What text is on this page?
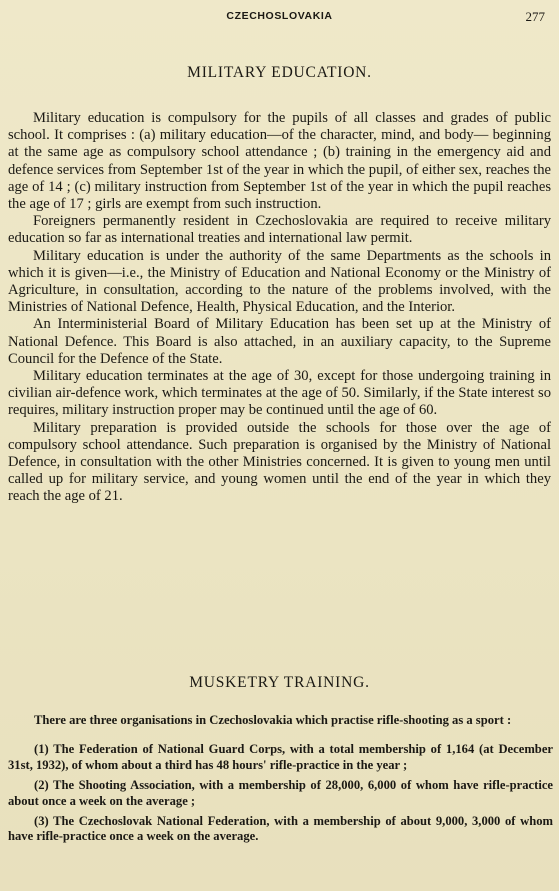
CZECHOSLOVAKIA	277
MILITARY EDUCATION.

Military education is compulsory for the pupils of all classes and grades of public school. It comprises : (a) military education—of the character, mind, and body— beginning at the same age as compulsory school attendance ; (b) training in the emergency aid and defence services from September 1st of the year in which the pupil, of either sex, reaches the age of 14 ; (c) military instruction from September 1st of the year in which the pupil reaches the age of 17 ; girls are exempt from such instruction.

Foreigners permanently resident in Czechoslovakia are required to receive military education so far as international treaties and international law permit.

Military education is under the authority of the same Departments as the schools in which it is given—i.e., the Ministry of Education and National Economy or the Ministry of Agriculture, in consultation, according to the nature of the problems involved, with the Ministries of National Defence, Health, Physical Education, and the Interior.

An Interministerial Board of Military Education has been set up at the Ministry of National Defence. This Board is also attached, in an auxiliary capacity, to the Supreme Council for the Defence of the State.

Military education terminates at the age of 30, except for those undergoing training in civilian air-defence work, which terminates at the age of 50. Similarly, if the State interest so requires, military instruction proper may be continued until the age of 60.

Military preparation is provided outside the schools for those over the age of compulsory school attendance. Such preparation is organised by the Ministry of National Defence, in consultation with the other Ministries concerned. It is given to young men until called up for military service, and young women until the end of the year in which they reach the age of 21.

MUSKETRY TRAINING.

There are three organisations in Czechoslovakia which practise rifle-shooting as a sport :

(1) The Federation of National Guard Corps, with a total membership of 1,164 (at December 31st, 1932), of whom about a third has 48 hours' rifle-practice in the year ;

(2) The Shooting Association, with a membership of 28,000, 6,000 of whom have rifle-practice about once a week on the average ;

(3) The Czechoslovak National Federation, with a membership of about 9,000, 3,000 of whom have rifle-practice once a week on the average.
